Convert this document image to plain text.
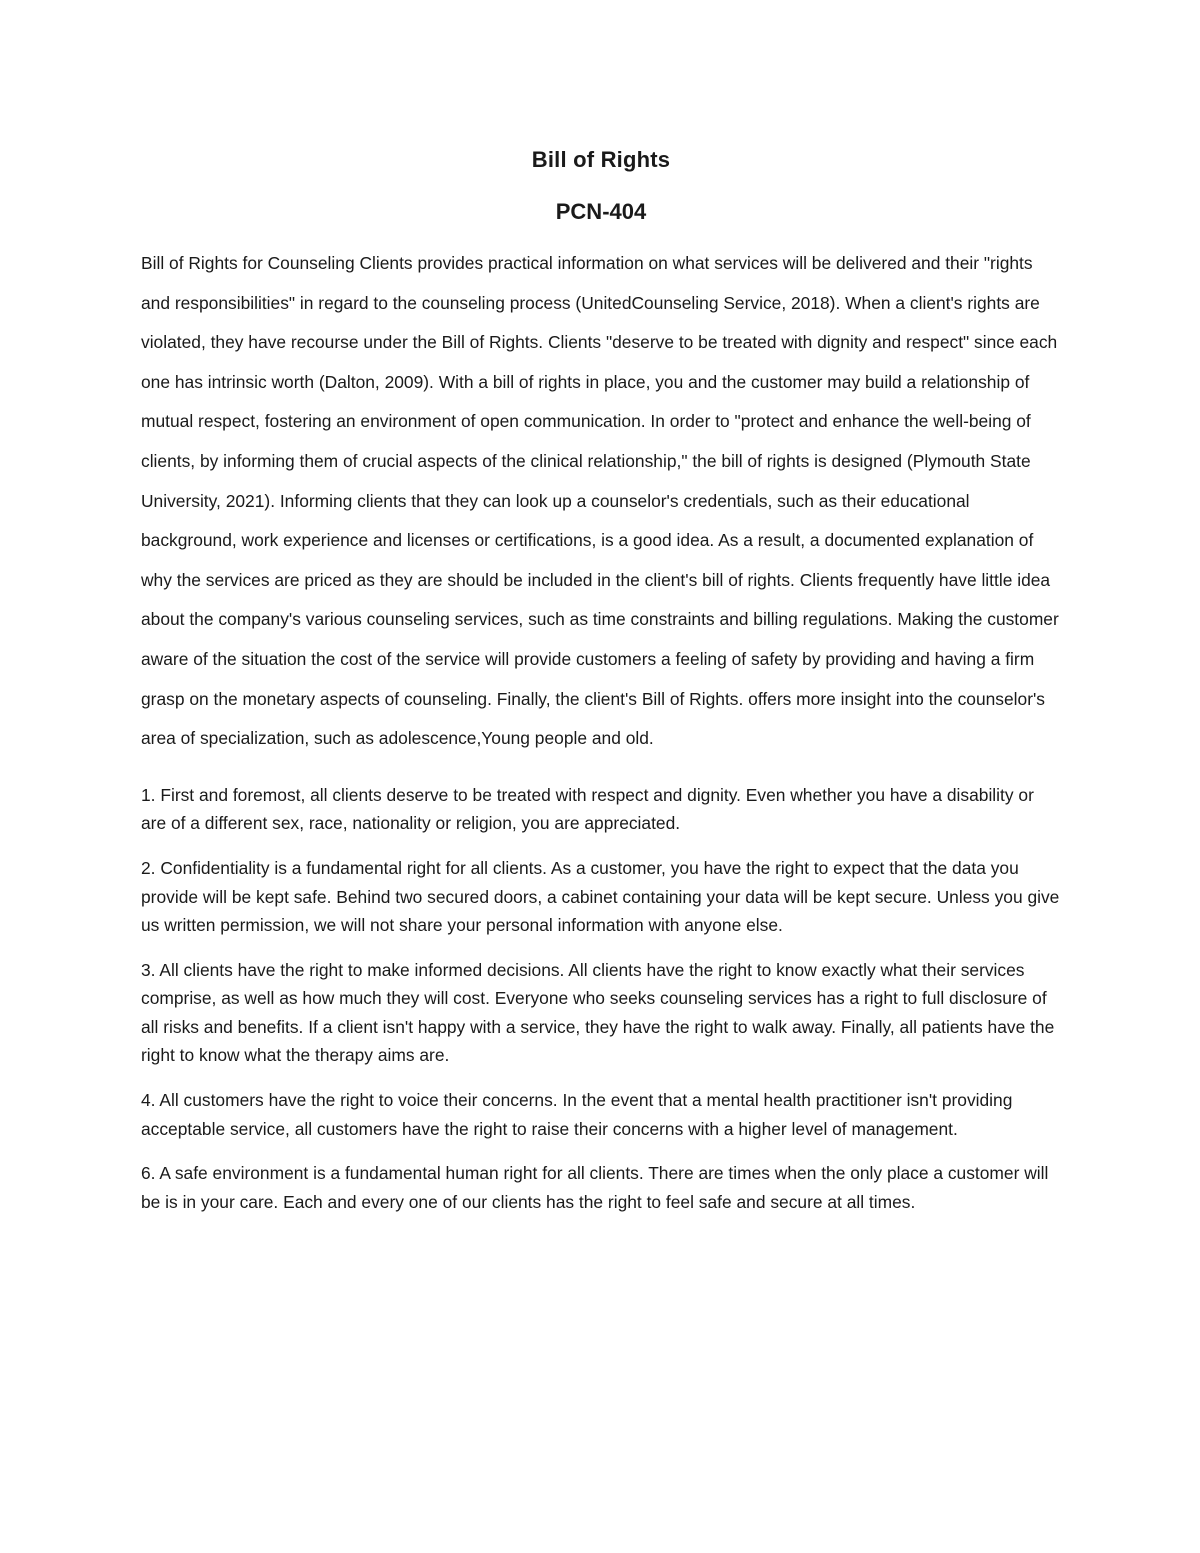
Bill of Rights
PCN-404

Bill of Rights for Counseling Clients provides practical information on what services will be delivered and their "rights and responsibilities" in regard to the counseling process (UnitedCounseling Service, 2018). When a client's rights are violated, they have recourse under the Bill of Rights. Clients "deserve to be treated with dignity and respect" since each one has intrinsic worth (Dalton, 2009). With a bill of rights in place, you and the customer may build a relationship of mutual respect, fostering an environment of open communication. In order to "protect and enhance the well-being of clients, by informing them of crucial aspects of the clinical relationship," the bill of rights is designed (Plymouth State University, 2021). Informing clients that they can look up a counselor's credentials, such as their educational background, work experience and licenses or certifications, is a good idea. As a result, a documented explanation of why the services are priced as they are should be included in the client's bill of rights. Clients frequently have little idea about the company's various counseling services, such as time constraints and billing regulations. Making the customer aware of the situation the cost of the service will provide customers a feeling of safety by providing and having a firm grasp on the monetary aspects of counseling. Finally, the client's Bill of Rights. offers more insight into the counselor's area of specialization, such as adolescence,Young people and old.

1. First and foremost, all clients deserve to be treated with respect and dignity. Even whether you have a disability or are of a different sex, race, nationality or religion, you are appreciated.

2. Confidentiality is a fundamental right for all clients. As a customer, you have the right to expect that the data you provide will be kept safe. Behind two secured doors, a cabinet containing your data will be kept secure. Unless you give us written permission, we will not share your personal information with anyone else.

3. All clients have the right to make informed decisions. All clients have the right to know exactly what their services comprise, as well as how much they will cost. Everyone who seeks counseling services has a right to full disclosure of all risks and benefits. If a client isn't happy with a service, they have the right to walk away. Finally, all patients have the right to know what the therapy aims are.

4. All customers have the right to voice their concerns. In the event that a mental health practitioner isn't providing acceptable service, all customers have the right to raise their concerns with a higher level of management.

6. A safe environment is a fundamental human right for all clients. There are times when the only place a customer will be is in your care. Each and every one of our clients has the right to feel safe and secure at all times.
